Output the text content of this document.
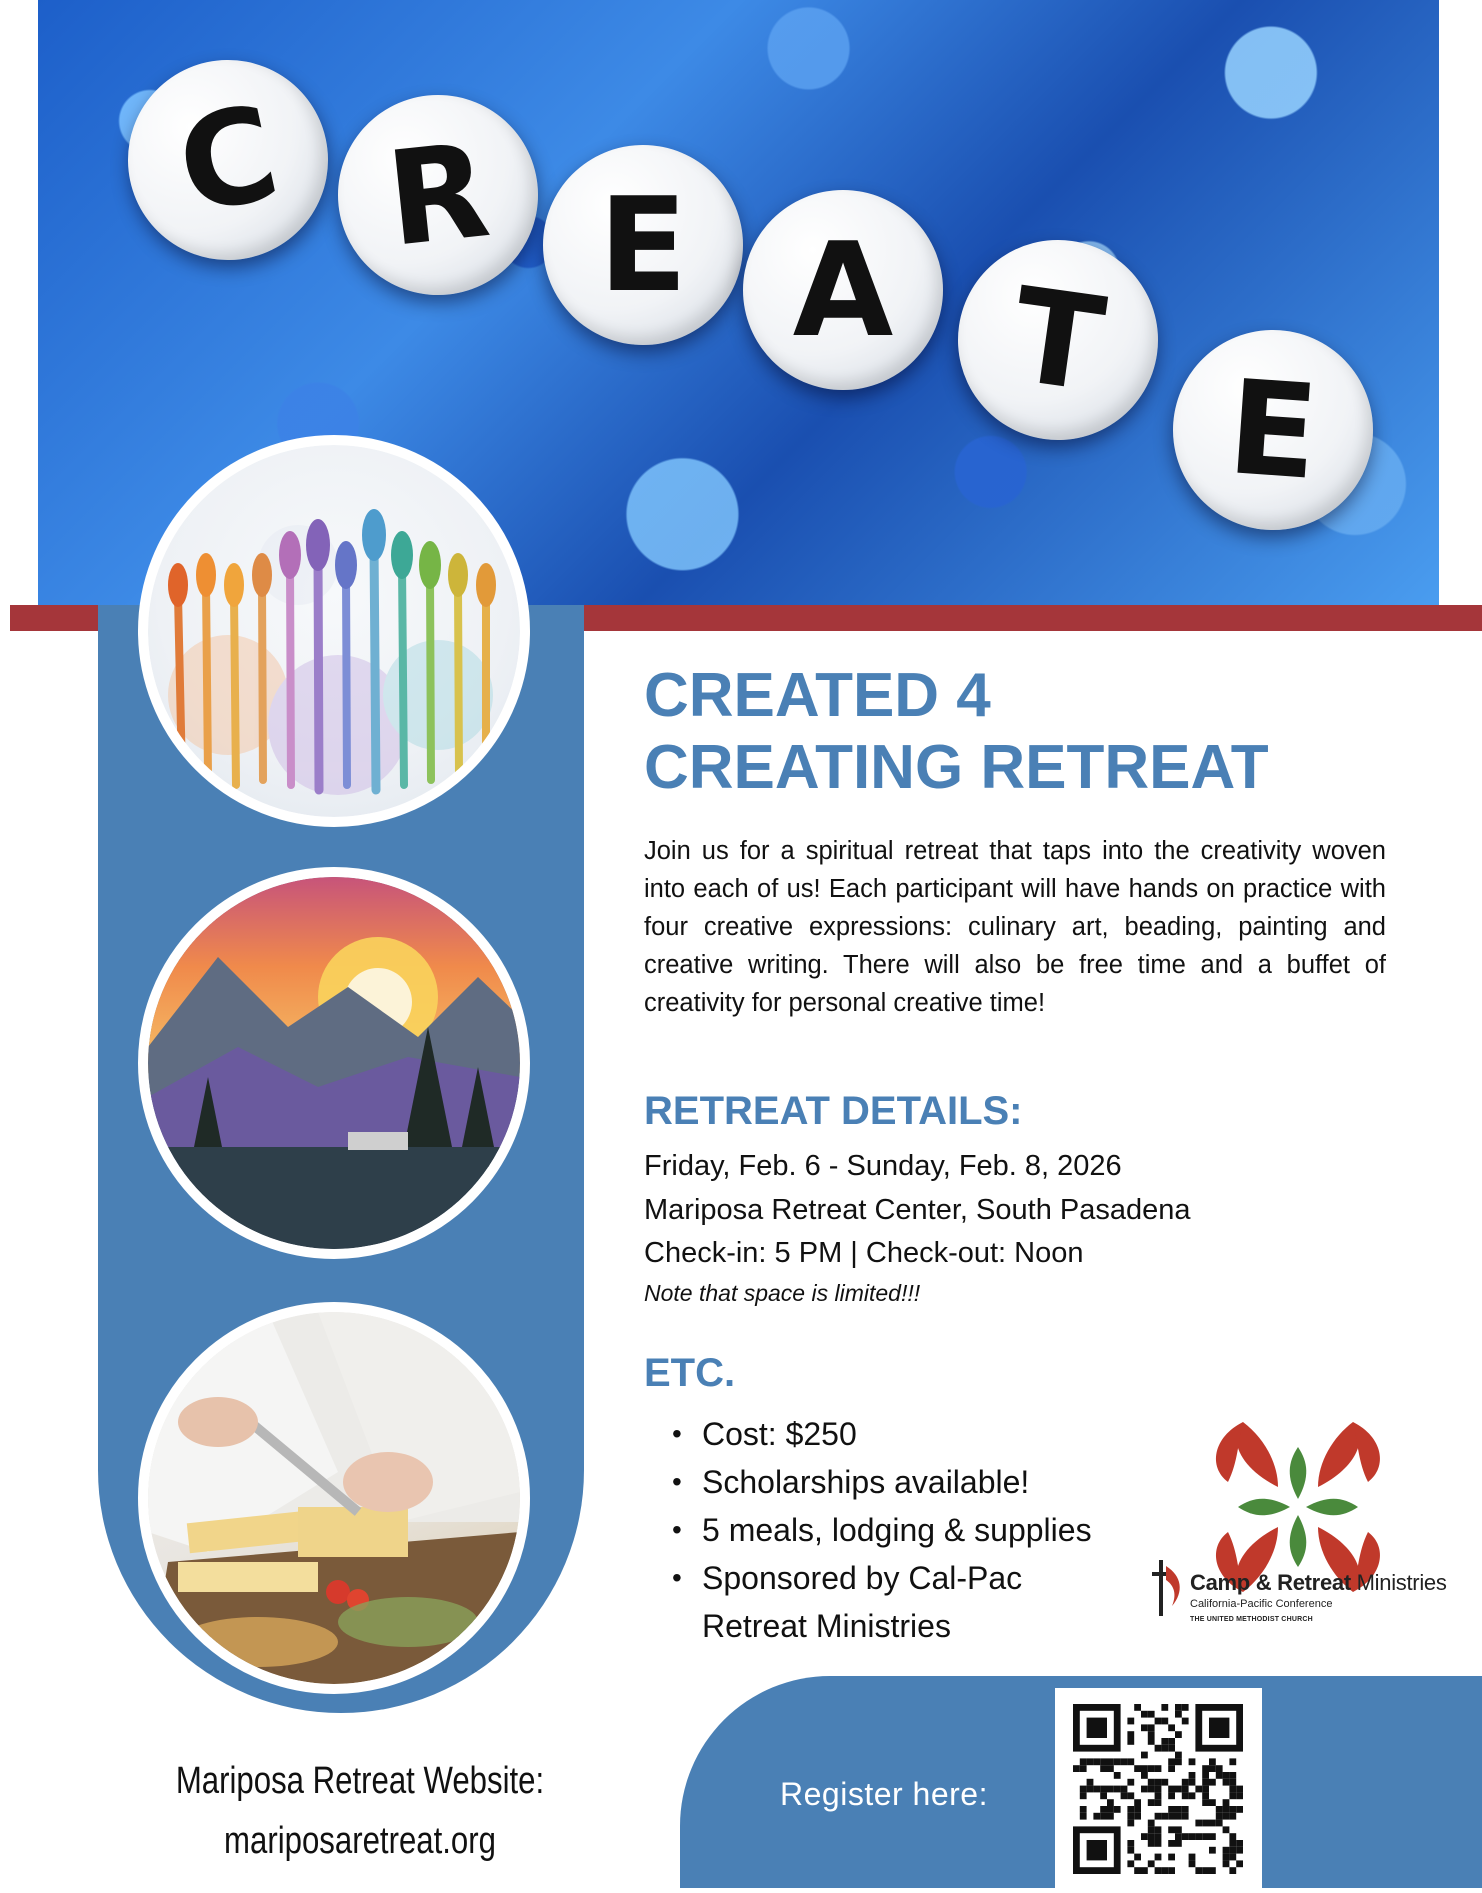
C R E A T
E
CREATED 4
CREATING RETREAT

Join us for a spiritual retreat that taps into the creativity woven into each of us! Each participant will have hands on practice with four creative expressions: culinary art, beading, painting and creative writing. There will also be free time and a buffet of creativity for personal creative time!

RETREAT DETAILS:
Friday, Feb. 6 - Sunday, Feb. 8, 2026
Mariposa Retreat Center, South Pasadena
Check-in: 5 PM | Check-out: Noon
Note that space is limited!!!
ETC.
• Cost: $250
• Scholarships available!
• 5 meals, lodging & supplies
• Sponsored by Cal-Pac
Retreat Ministries
Camp & Retreat Ministries
California-Pacific Conference
THE UNITED METHODIST CHURCH
Register here:
Mariposa Retreat Website:
mariposaretreat.org
